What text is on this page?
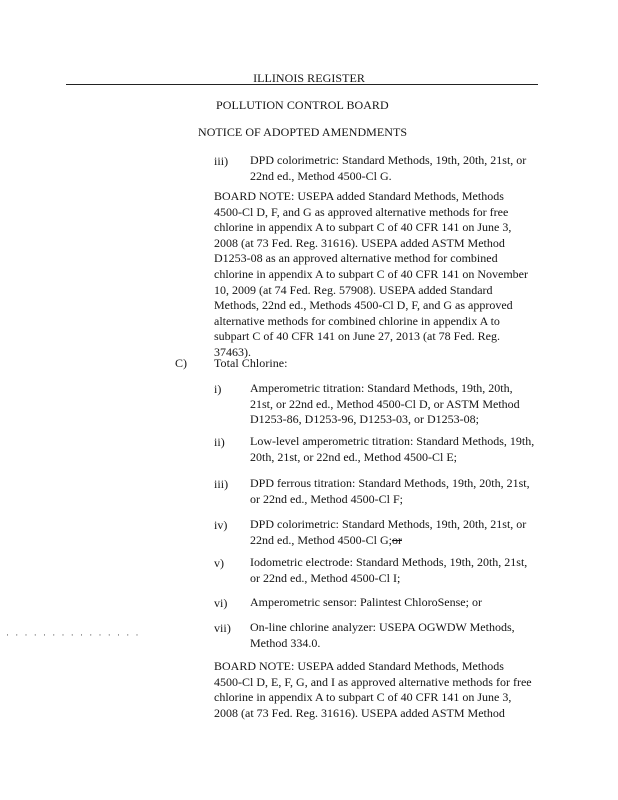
ILLINOIS REGISTER
POLLUTION CONTROL BOARD
NOTICE OF ADOPTED AMENDMENTS
iii) DPD colorimetric: Standard Methods, 19th, 20th, 21st, or
22nd ed., Method 4500-Cl G.
BOARD NOTE: USEPA added Standard Methods, Methods
4500-Cl D, F, and G as approved alternative methods for free
chlorine in appendix A to subpart C of 40 CFR 141 on June 3,
2008 (at 73 Fed. Reg. 31616). USEPA added ASTM Method
D1253-08 as an approved alternative method for combined
chlorine in appendix A to subpart C of 40 CFR 141 on November
10, 2009 (at 74 Fed. Reg. 57908). USEPA added Standard
Methods, 22nd ed., Methods 4500-Cl D, F, and G as approved
alternative methods for combined chlorine in appendix A to
subpart C of 40 CFR 141 on June 27, 2013 (at 78 Fed. Reg.
37463).
C) Total Chlorine:
i) Amperometric titration: Standard Methods, 19th, 20th,
21st, or 22nd ed., Method 4500-Cl D, or ASTM Method
D1253-86, D1253-96, D1253-03, or D1253-08;
ii) Low-level amperometric titration: Standard Methods, 19th,
20th, 21st, or 22nd ed., Method 4500-Cl E;
iii) DPD ferrous titration: Standard Methods, 19th, 20th, 21st,
or 22nd ed., Method 4500-Cl F;
iv) DPD colorimetric: Standard Methods, 19th, 20th, 21st, or
22nd ed., Method 4500-Cl G;or
v) Iodometric electrode: Standard Methods, 19th, 20th, 21st,
or 22nd ed., Method 4500-Cl I;
vi) Amperometric sensor: Palintest ChloroSense; or
vii) On-line chlorine analyzer: USEPA OGWDW Methods,
Method 334.0.
· · · · · · · · · · · · · · ·
BOARD NOTE: USEPA added Standard Methods, Methods
4500-Cl D, E, F, G, and I as approved alternative methods for free
chlorine in appendix A to subpart C of 40 CFR 141 on June 3,
2008 (at 73 Fed. Reg. 31616). USEPA added ASTM Method
